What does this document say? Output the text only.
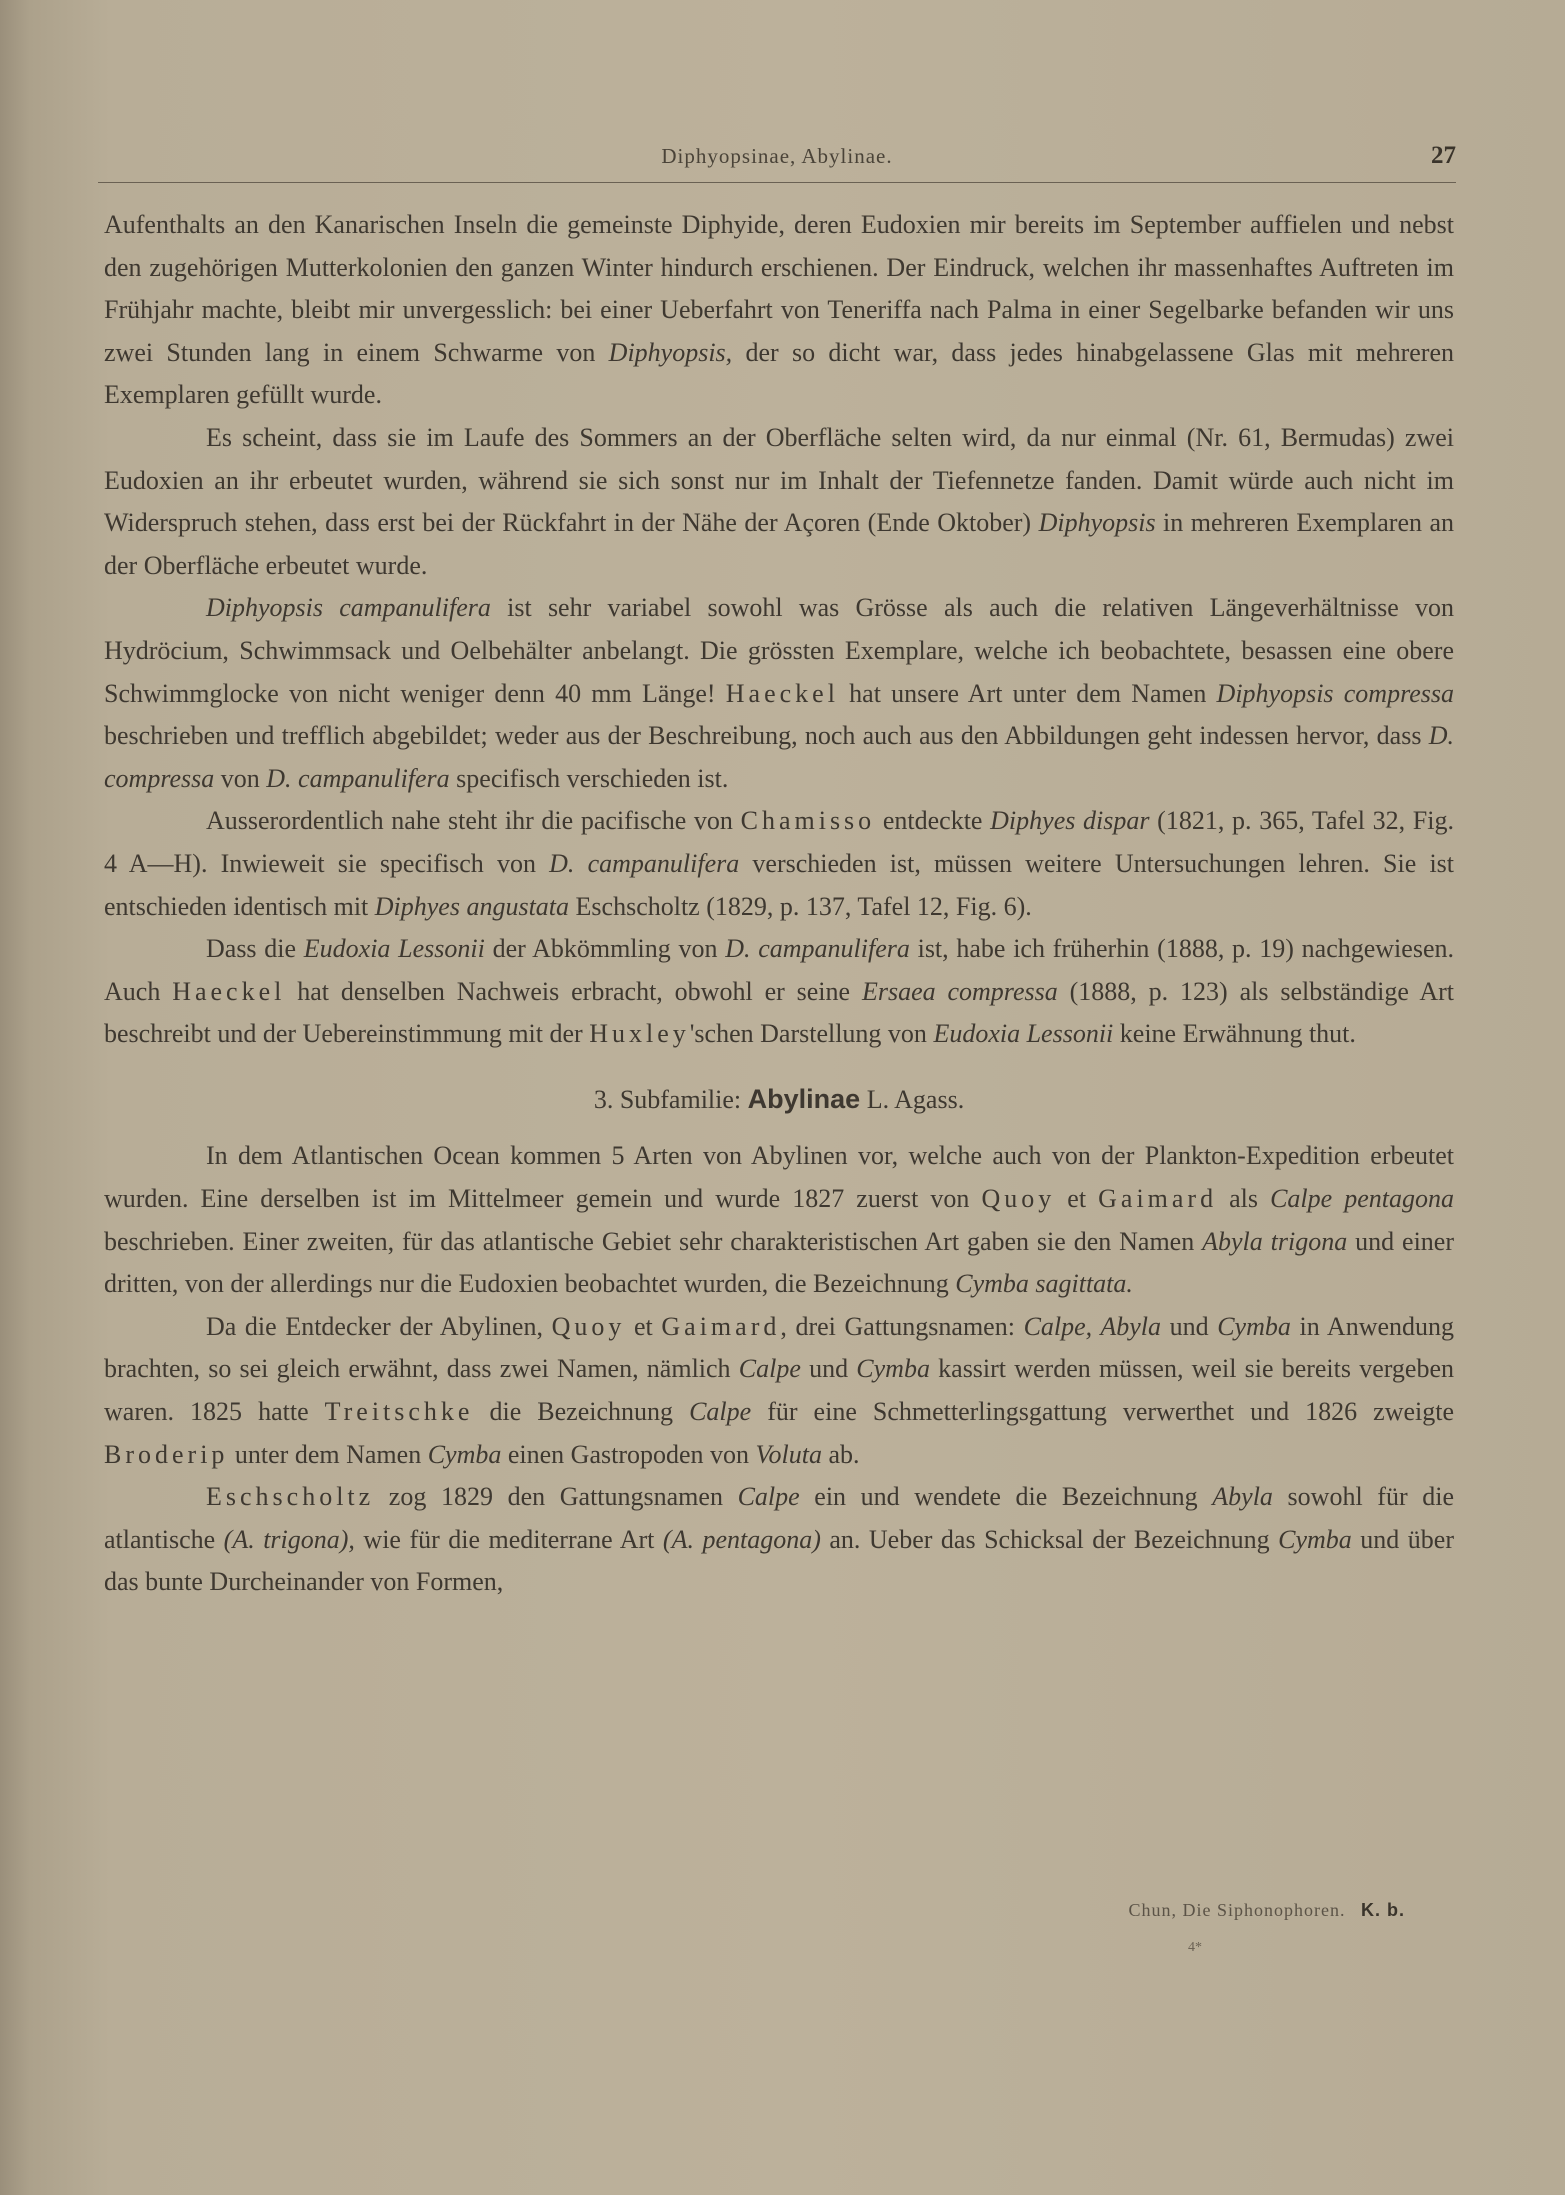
Diphyopsinae, Abylinae.	27

Aufenthalts an den Kanarischen Inseln die gemeinste Diphyide, deren Eudoxien mir bereits im September auffielen und nebst den zugehörigen Mutterkolonien den ganzen Winter hindurch erschienen. Der Eindruck, welchen ihr massenhaftes Auftreten im Frühjahr machte, bleibt mir unvergesslich: bei einer Ueberfahrt von Teneriffa nach Palma in einer Segelbarke befanden wir uns zwei Stunden lang in einem Schwarme von Diphyopsis, der so dicht war, dass jedes hinabgelassene Glas mit mehreren Exemplaren gefüllt wurde.

Es scheint, dass sie im Laufe des Sommers an der Oberfläche selten wird, da nur einmal (Nr. 61, Bermudas) zwei Eudoxien an ihr erbeutet wurden, während sie sich sonst nur im Inhalt der Tiefennetze fanden. Damit würde auch nicht im Widerspruch stehen, dass erst bei der Rückfahrt in der Nähe der Açoren (Ende Oktober) Diphyopsis in mehreren Exemplaren an der Oberfläche erbeutet wurde.

Diphyopsis campanulifera ist sehr variabel sowohl was Grösse als auch die relativen Längeverhältnisse von Hydröcium, Schwimmsack und Oelbehälter anbelangt. Die grössten Exemplare, welche ich beobachtete, besassen eine obere Schwimmglocke von nicht weniger denn 40 mm Länge! Haeckel hat unsere Art unter dem Namen Diphyopsis compressa beschrieben und trefflich abgebildet; weder aus der Beschreibung, noch auch aus den Abbildungen geht indessen hervor, dass D. compressa von D. campanulifera specifisch verschieden ist.

Ausserordentlich nahe steht ihr die pacifische von Chamisso entdeckte Diphyes dispar (1821, p. 365, Tafel 32, Fig. 4 A—H). Inwieweit sie specifisch von D. campanulifera verschieden ist, müssen weitere Untersuchungen lehren. Sie ist entschieden identisch mit Diphyes angustata Eschscholtz (1829, p. 137, Tafel 12, Fig. 6).

Dass die Eudoxia Lessonii der Abkömmling von D. campanulifera ist, habe ich früherhin (1888, p. 19) nachgewiesen. Auch Haeckel hat denselben Nachweis erbracht, obwohl er seine Ersaea compressa (1888, p. 123) als selbständige Art beschreibt und der Uebereinstimmung mit der Huxley'schen Darstellung von Eudoxia Lessonii keine Erwähnung thut.

3. Subfamilie: Abylinae L. Agass.

In dem Atlantischen Ocean kommen 5 Arten von Abylinen vor, welche auch von der Plankton-Expedition erbeutet wurden. Eine derselben ist im Mittelmeer gemein und wurde 1827 zuerst von Quoy et Gaimard als Calpe pentagona beschrieben. Einer zweiten, für das atlantische Gebiet sehr charakteristischen Art gaben sie den Namen Abyla trigona und einer dritten, von der allerdings nur die Eudoxien beobachtet wurden, die Bezeichnung Cymba sagittata.

Da die Entdecker der Abylinen, Quoy et Gaimard, drei Gattungsnamen: Calpe, Abyla und Cymba in Anwendung brachten, so sei gleich erwähnt, dass zwei Namen, nämlich Calpe und Cymba kassirt werden müssen, weil sie bereits vergeben waren. 1825 hatte Treitschke die Bezeichnung Calpe für eine Schmetterlingsgattung verwerthet und 1826 zweigte Broderip unter dem Namen Cymba einen Gastropoden von Voluta ab.

Eschscholtz zog 1829 den Gattungsnamen Calpe ein und wendete die Bezeichnung Abyla sowohl für die atlantische (A. trigona), wie für die mediterrane Art (A. pentagona) an. Ueber das Schicksal der Bezeichnung Cymba und über das bunte Durcheinander von Formen,

Chun, Die Siphonophoren. K. b.
4*
